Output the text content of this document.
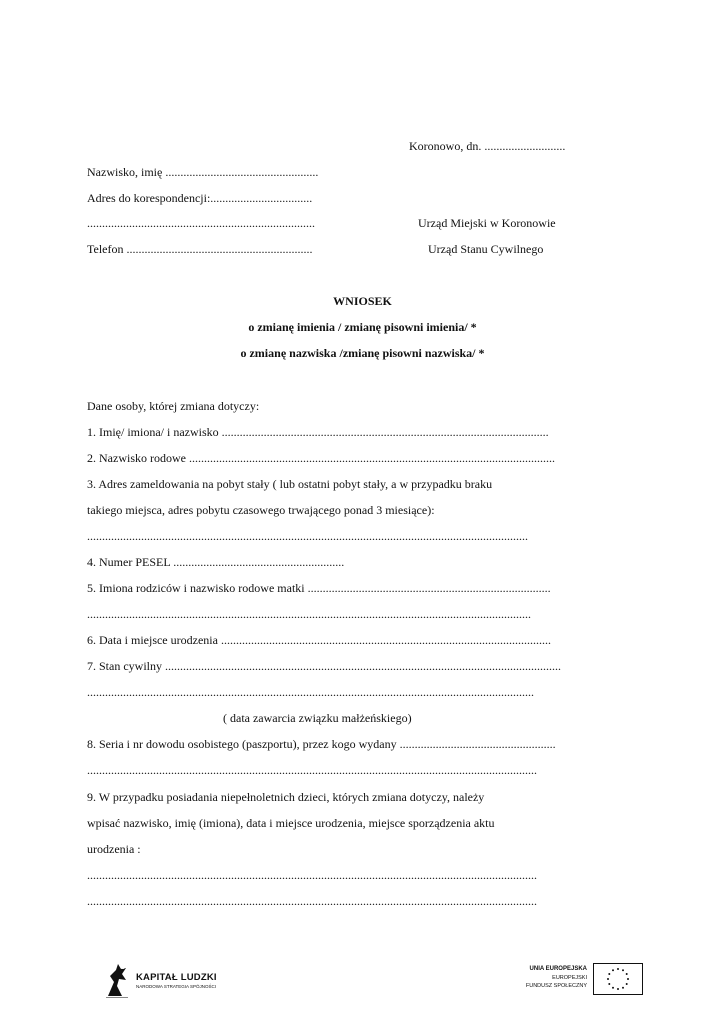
Koronowo, dn. ...........................
Nazwisko, imię ...................................................
Adres do korespondencji:..................................
............................................................................	Urząd Miejski w Koronowie
Telefon ..............................................................	Urząd Stanu Cywilnego
WNIOSEK
o zmianę imienia / zmianę pisowni imienia/ *
o zmianę nazwiska /zmianę pisowni nazwiska/ *
Dane osoby, której zmiana dotyczy:
1. Imię/ imiona/ i nazwisko .............................................................................................................
2. Nazwisko rodowe ..........................................................................................................................
3. Adres zameldowania na pobyt stały ( lub ostatni pobyt stały, a w przypadku braku
takiego miejsca, adres pobytu czasowego trwającego ponad 3 miesiące):
...................................................................................................................................................
4. Numer PESEL .........................................................
5. Imiona rodziców i nazwisko rodowe matki .................................................................................
....................................................................................................................................................
6. Data i miejsce urodzenia ..............................................................................................................
7. Stan cywilny ....................................................................................................................................
.....................................................................................................................................................
( data zawarcia związku małżeńskiego)
8. Seria i nr dowodu osobistego (paszportu), przez kogo wydany ....................................................
......................................................................................................................................................
9. W przypadku posiadania niepełnoletnich dzieci, których zmiana dotyczy, należy
wpisać nazwisko, imię (imiona), data i miejsce urodzenia, miejsce sporządzenia aktu
urodzenia :
......................................................................................................................................................
......................................................................................................................................................
KAPITAŁ LUDZKI
NARODOWA STRATEGIA SPÓJNOŚCI
UNIA EUROPEJSKA
EUROPEJSKI
FUNDUSZ SPOŁECZNY
